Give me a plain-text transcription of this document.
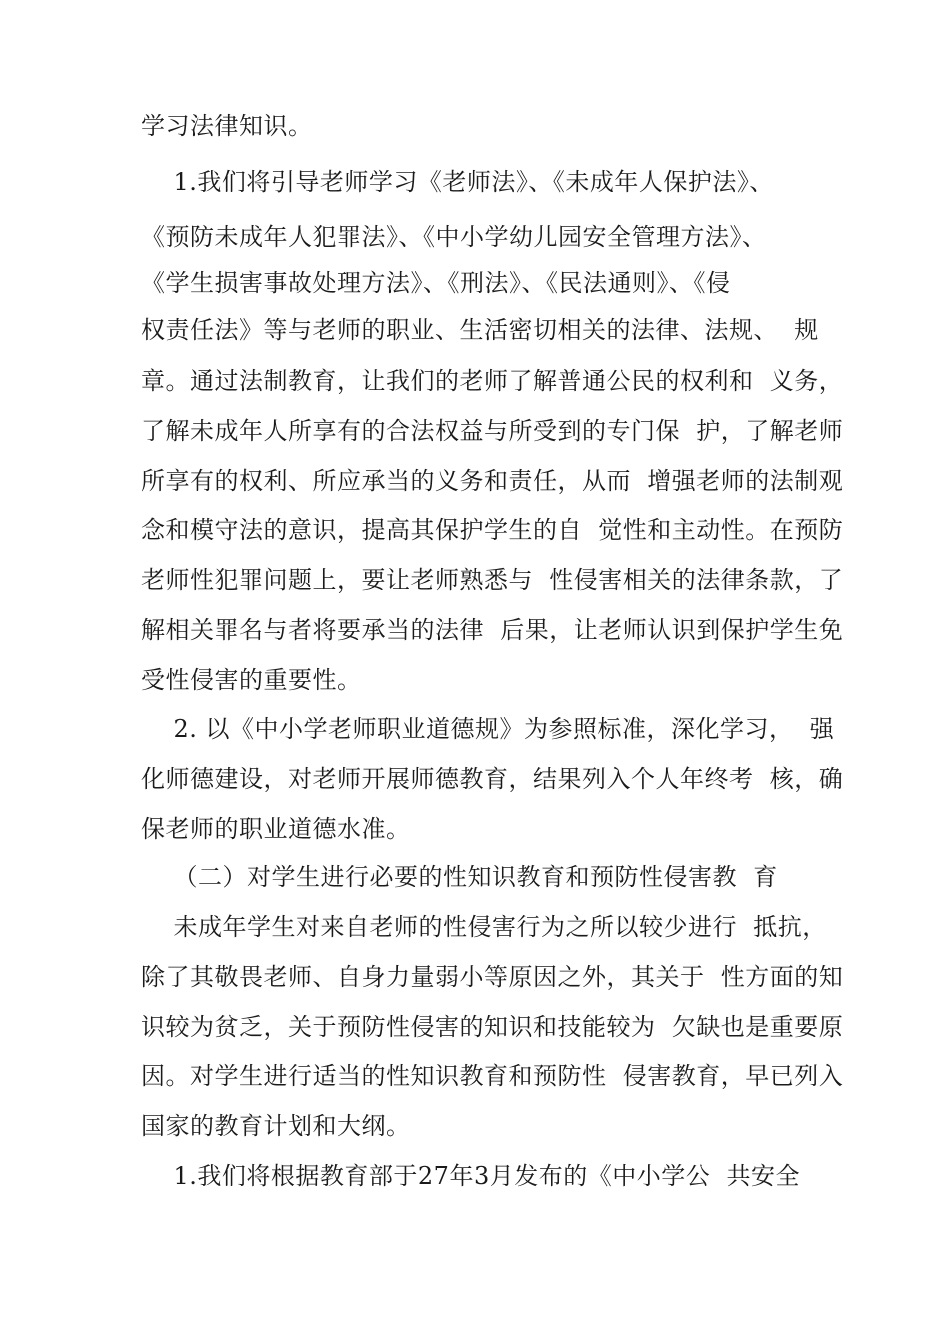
学习法律知识。
1.我们将引导老师学习《老师法》、《未成年人保护法》、
《预防未成年人犯罪法》、《中小学幼儿园安全管理方法》、
《学生损害事故处理方法》、《刑法》、《民法通则》、《侵
权责任法》等与老师的职业、生活密切相关的法律、法规、  规
章。通过法制教育，让我们的老师了解普通公民的权利和  义务，
了解未成年人所享有的合法权益与所受到的专门保  护，了解老师
所享有的权利、所应承当的义务和责任，从而  增强老师的法制观
念和模守法的意识，提高其保护学生的自  觉性和主动性。在预防
老师性犯罪问题上，要让老师熟悉与  性侵害相关的法律条款，了
解相关罪名与者将要承当的法律  后果，让老师认识到保护学生免
受性侵害的重要性。
2. 以《中小学老师职业道德规》为参照标准，深化学习，  强
化师德建设，对老师开展师德教育，结果列入个人年终考  核，确
保老师的职业道德水准。
（二）对学生进行必要的性知识教育和预防性侵害教  育
未成年学生对来自老师的性侵害行为之所以较少进行  抵抗，
除了其敬畏老师、自身力量弱小等原因之外，其关于  性方面的知
识较为贫乏，关于预防性侵害的知识和技能较为  欠缺也是重要原
因。对学生进行适当的性知识教育和预防性  侵害教育，早已列入
国家的教育计划和大纲。
1.我们将根据教育部于27年3月发布的《中小学公  共安全
